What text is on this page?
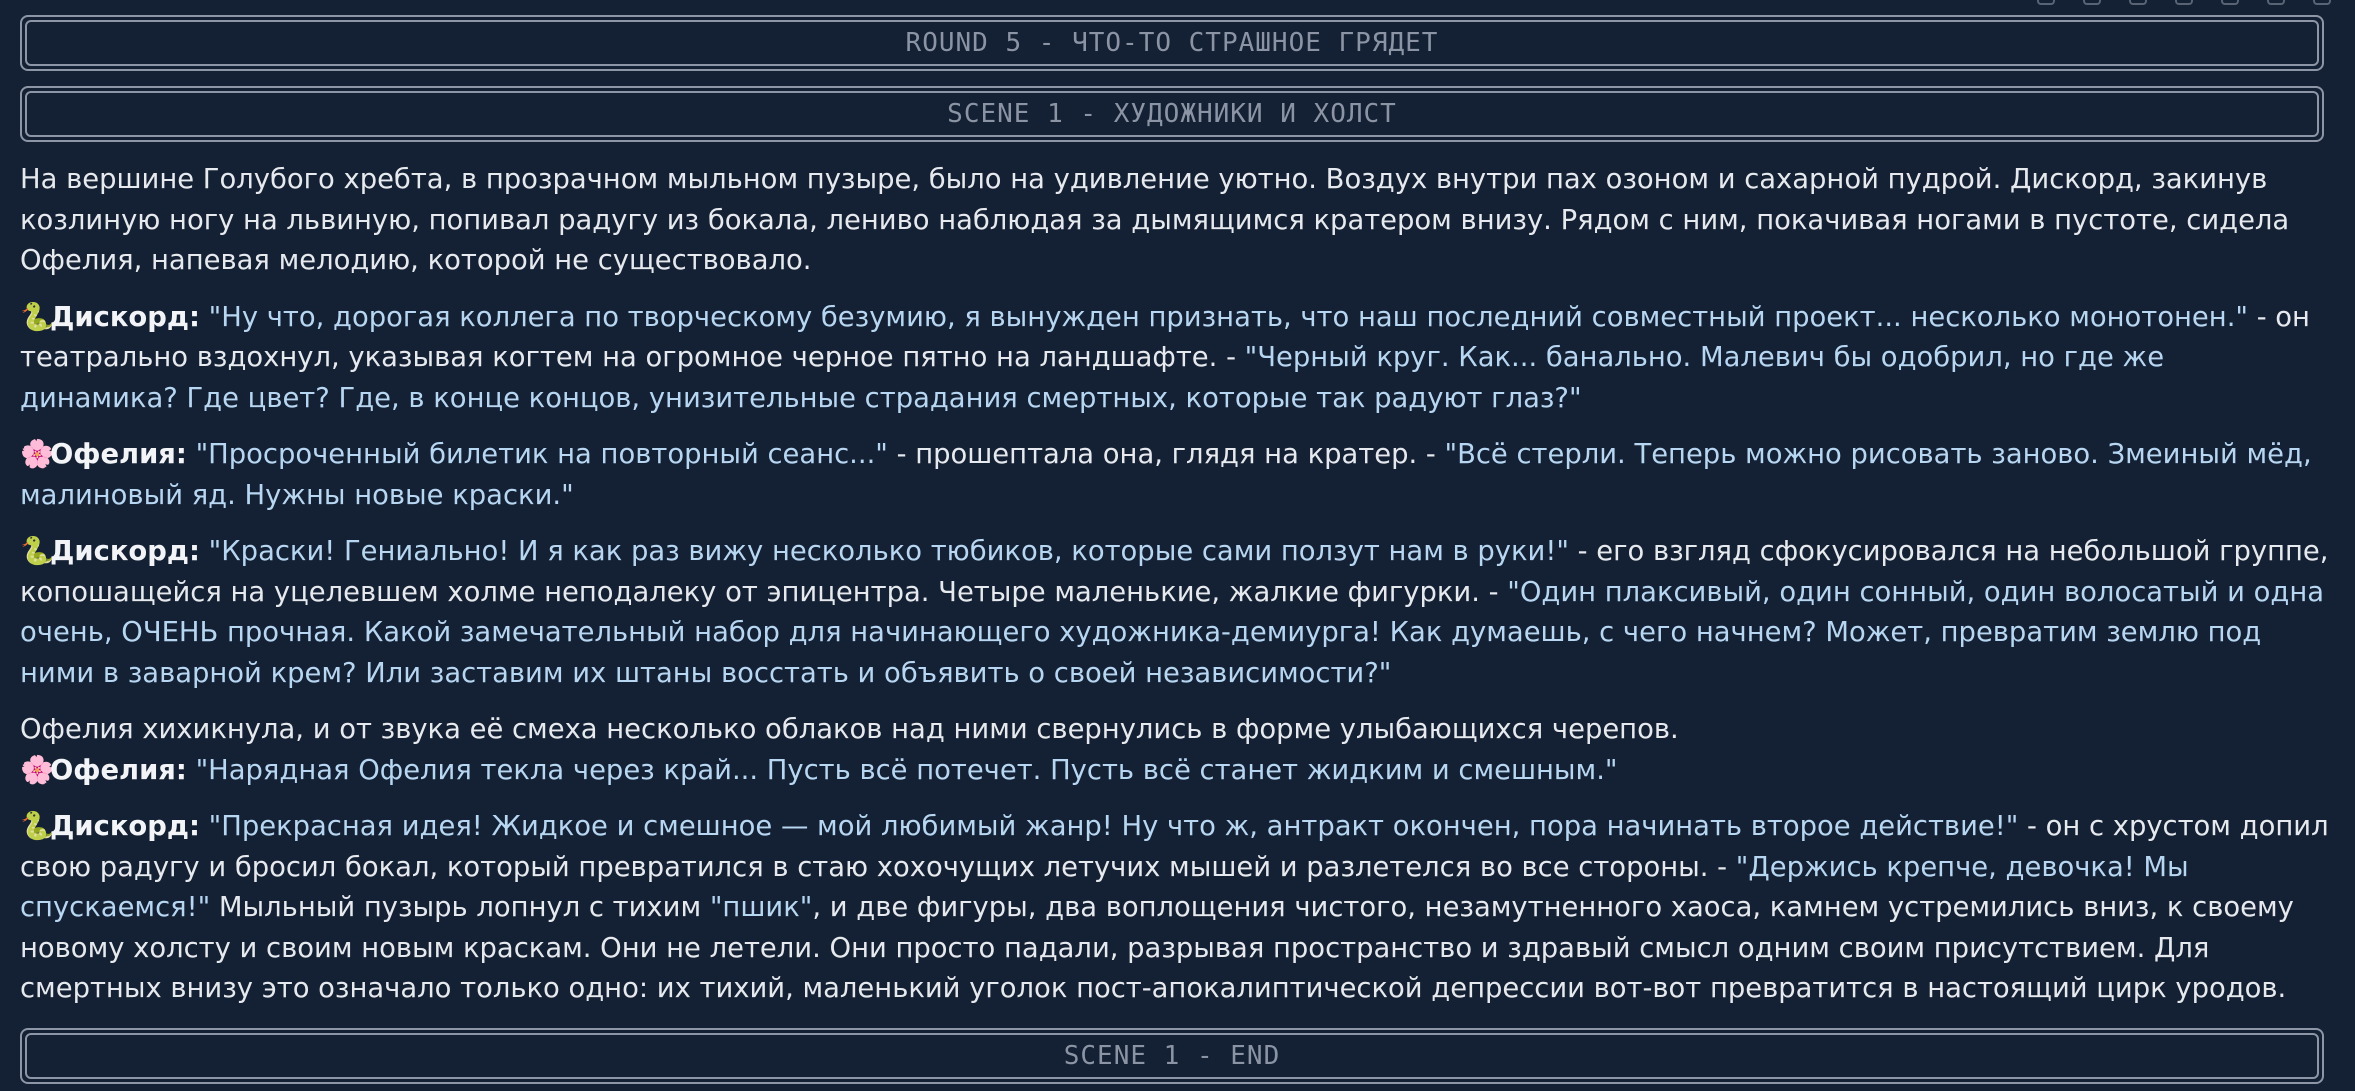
ROUND 5 - ЧТО-ТО СТРАШНОЕ ГРЯДЕТ
SCENE 1 - ХУДОЖНИКИ И ХОЛСТ

На вершине Голубого хребта, в прозрачном мыльном пузыре, было на удивление уютно. Воздух внутри пах озоном и сахарной пудрой. Дискорд, закинув козлиную ногу на львиную, попивал радугу из бокала, лениво наблюдая за дымящимся кратером внизу. Рядом с ним, покачивая ногами в пустоте, сидела Офелия, напевая мелодию, которой не существовало.

🐍Дискорд: "Ну что, дорогая коллега по творческому безумию, я вынужден признать, что наш последний совместный проект... несколько монотонен." - он театрально вздохнул, указывая когтем на огромное черное пятно на ландшафте. - "Черный круг. Как... банально. Малевич бы одобрил, но где же динамика? Где цвет? Где, в конце концов, унизительные страдания смертных, которые так радуют глаз?"

🌸Офелия: "Просроченный билетик на повторный сеанс..." - прошептала она, глядя на кратер. - "Всё стерли. Теперь можно рисовать заново. Змеиный мёд, малиновый яд. Нужны новые краски."

🐍Дискорд: "Краски! Гениально! И я как раз вижу несколько тюбиков, которые сами ползут нам в руки!" - его взгляд сфокусировался на небольшой группе, копошащейся на уцелевшем холме неподалеку от эпицентра. Четыре маленькие, жалкие фигурки. - "Один плаксивый, один сонный, один волосатый и одна очень, ОЧЕНЬ прочная. Какой замечательный набор для начинающего художника-демиурга! Как думаешь, с чего начнем? Может, превратим землю под ними в заварной крем? Или заставим их штаны восстать и объявить о своей независимости?"

Офелия хихикнула, и от звука её смеха несколько облаков над ними свернулись в форме улыбающихся черепов.
🌸Офелия: "Нарядная Офелия текла через край... Пусть всё потечет. Пусть всё станет жидким и смешным."

🐍Дискорд: "Прекрасная идея! Жидкое и смешное — мой любимый жанр! Ну что ж, антракт окончен, пора начинать второе действие!" - он с хрустом допил свою радугу и бросил бокал, который превратился в стаю хохочущих летучих мышей и разлетелся во все стороны. - "Держись крепче, девочка! Мы спускаемся!" Мыльный пузырь лопнул с тихим "пшик", и две фигуры, два воплощения чистого, незамутненного хаоса, камнем устремились вниз, к своему новому холсту и своим новым краскам. Они не летели. Они просто падали, разрывая пространство и здравый смысл одним своим присутствием. Для смертных внизу это означало только одно: их тихий, маленький уголок пост-апокалиптической депрессии вот-вот превратится в настоящий цирк уродов.

SCENE 1 - END
